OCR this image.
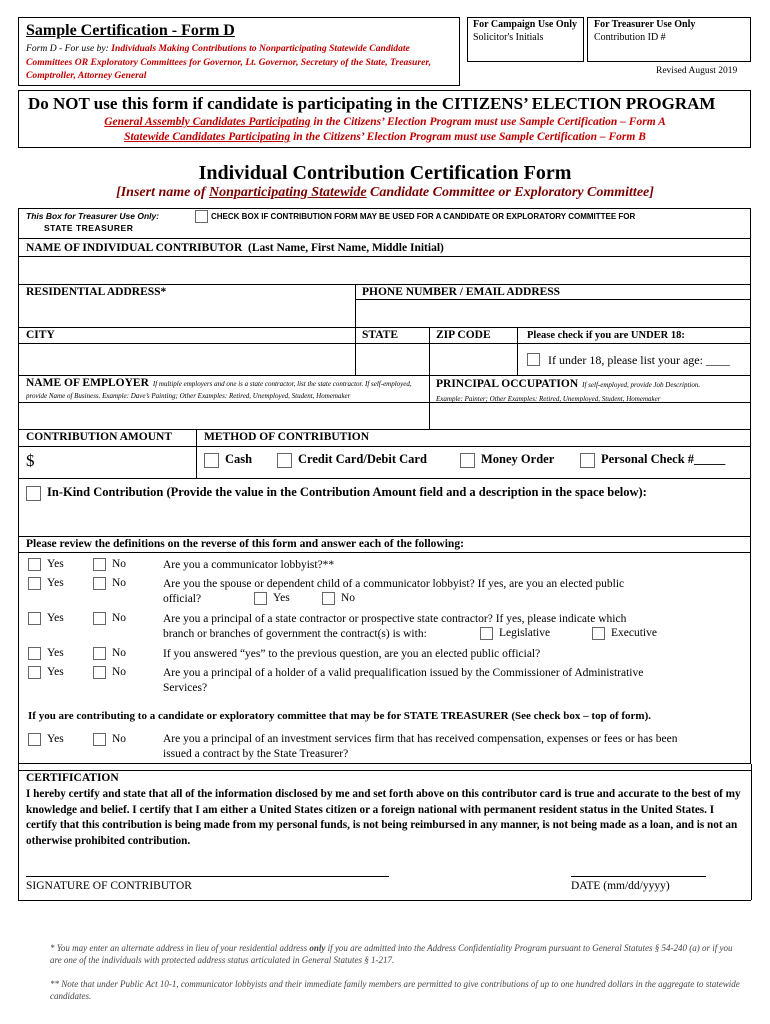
Sample Certification - Form D
Form D - For use by: Individuals Making Contributions to Nonparticipating Statewide Candidate Committees OR Exploratory Committees for Governor, Lt. Governor, Secretary of the State, Treasurer, Comptroller, Attorney General
For Campaign Use Only
Solicitor's Initials
For Treasurer Use Only
Contribution ID #
Revised August 2019
Do NOT use this form if candidate is participating in the CITIZENS’ ELECTION PROGRAM
General Assembly Candidates Participating in the Citizens’ Election Program must use Sample Certification – Form A
Statewide Candidates Participating in the Citizens’ Election Program must use Sample Certification – Form B
Individual Contribution Certification Form
[Insert name of Nonparticipating Statewide Candidate Committee or Exploratory Committee]
This Box for Treasurer Use Only:
STATE TREASURER
CHECK BOX IF CONTRIBUTION FORM MAY BE USED FOR A CANDIDATE OR EXPLORATORY COMMITTEE FOR
NAME OF INDIVIDUAL CONTRIBUTOR (Last Name, First Name, Middle Initial)
RESIDENTIAL ADDRESS*	PHONE NUMBER / EMAIL ADDRESS
CITY	STATE	ZIP CODE	Please check if you are UNDER 18:
If under 18, please list your age: ____
NAME OF EMPLOYER If multiple employers and one is a state contractor, list the state contractor. If self-employed, provide Name of Business. Example: Dave’s Painting; Other Examples: Retired, Unemployed, Student, Homemaker
PRINCIPAL OCCUPATION If self-employed, provide Job Description.
Example: Painter; Other Examples: Retired, Unemployed, Student, Homemaker
CONTRIBUTION AMOUNT	METHOD OF CONTRIBUTION
$	Cash	Credit Card/Debit Card	Money Order	Personal Check #_____
In-Kind Contribution (Provide the value in the Contribution Amount field and a description in the space below):
Please review the definitions on the reverse of this form and answer each of the following:
Yes	No	Are you a communicator lobbyist?**
Yes	No	Are you the spouse or dependent child of a communicator lobbyist? If yes, are you an elected public
official?	Yes	No
Yes	No	Are you a principal of a state contractor or prospective state contractor? If yes, please indicate which
branch or branches of government the contract(s) is with:	Legislative	Executive
Yes	No	If you answered “yes” to the previous question, are you an elected public official?
Yes	No	Are you a principal of a holder of a valid prequalification issued by the Commissioner of Administrative
Services?
If you are contributing to a candidate or exploratory committee that may be for STATE TREASURER (See check box – top of form).
Yes	No	Are you a principal of an investment services firm that has received compensation, expenses or fees or has been
issued a contract by the State Treasurer?
CERTIFICATION
I hereby certify and state that all of the information disclosed by me and set forth above on this contributor card is true and accurate to the best of my knowledge and belief. I certify that I am either a United States citizen or a foreign national with permanent resident status in the United States. I certify that this contribution is being made from my personal funds, is not being reimbursed in any manner, is not being made as a loan, and is not an otherwise prohibited contribution.
SIGNATURE OF CONTRIBUTOR	DATE (mm/dd/yyyy)
* You may enter an alternate address in lieu of your residential address only if you are admitted into the Address Confidentiality Program pursuant to General Statutes § 54-240 (a) or if you are one of the individuals with protected address status articulated in General Statutes § 1-217.
** Note that under Public Act 10-1, communicator lobbyists and their immediate family members are permitted to give contributions of up to one hundred dollars in the aggregate to statewide candidates.
